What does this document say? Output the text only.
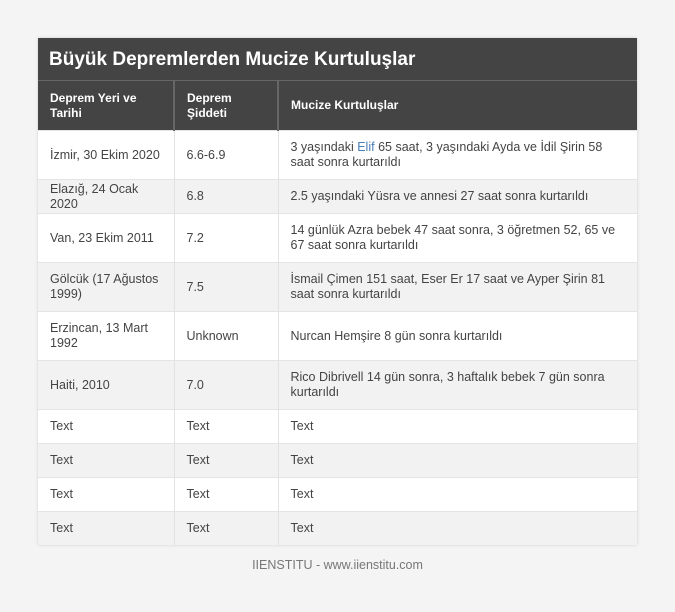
Büyük Depremlerden Mucize Kurtuluşlar
Deprem Yeri ve Tarihi	Deprem Şiddeti	Mucize Kurtuluşlar
İzmir, 30 Ekim 2020	6.6-6.9	3 yaşındaki Elif 65 saat, 3 yaşındaki Ayda ve İdil Şirin 58 saat sonra kurtarıldı
Elazığ, 24 Ocak 2020	6.8	2.5 yaşındaki Yüsra ve annesi 27 saat sonra kurtarıldı
Van, 23 Ekim 2011	7.2	14 günlük Azra bebek 47 saat sonra, 3 öğretmen 52, 65 ve 67 saat sonra kurtarıldı
Gölcük (17 Ağustos 1999)	7.5	İsmail Çimen 151 saat, Eser Er 17 saat ve Ayper Şirin 81 saat sonra kurtarıldı
Erzincan, 13 Mart 1992	Unknown	Nurcan Hemşire 8 gün sonra kurtarıldı
Haiti, 2010	7.0	Rico Dibrivell 14 gün sonra, 3 haftalık bebek 7 gün sonra kurtarıldı
Text	Text	Text
Text	Text	Text
Text	Text	Text
Text	Text	Text
IIENSTITU - www.iienstitu.com
